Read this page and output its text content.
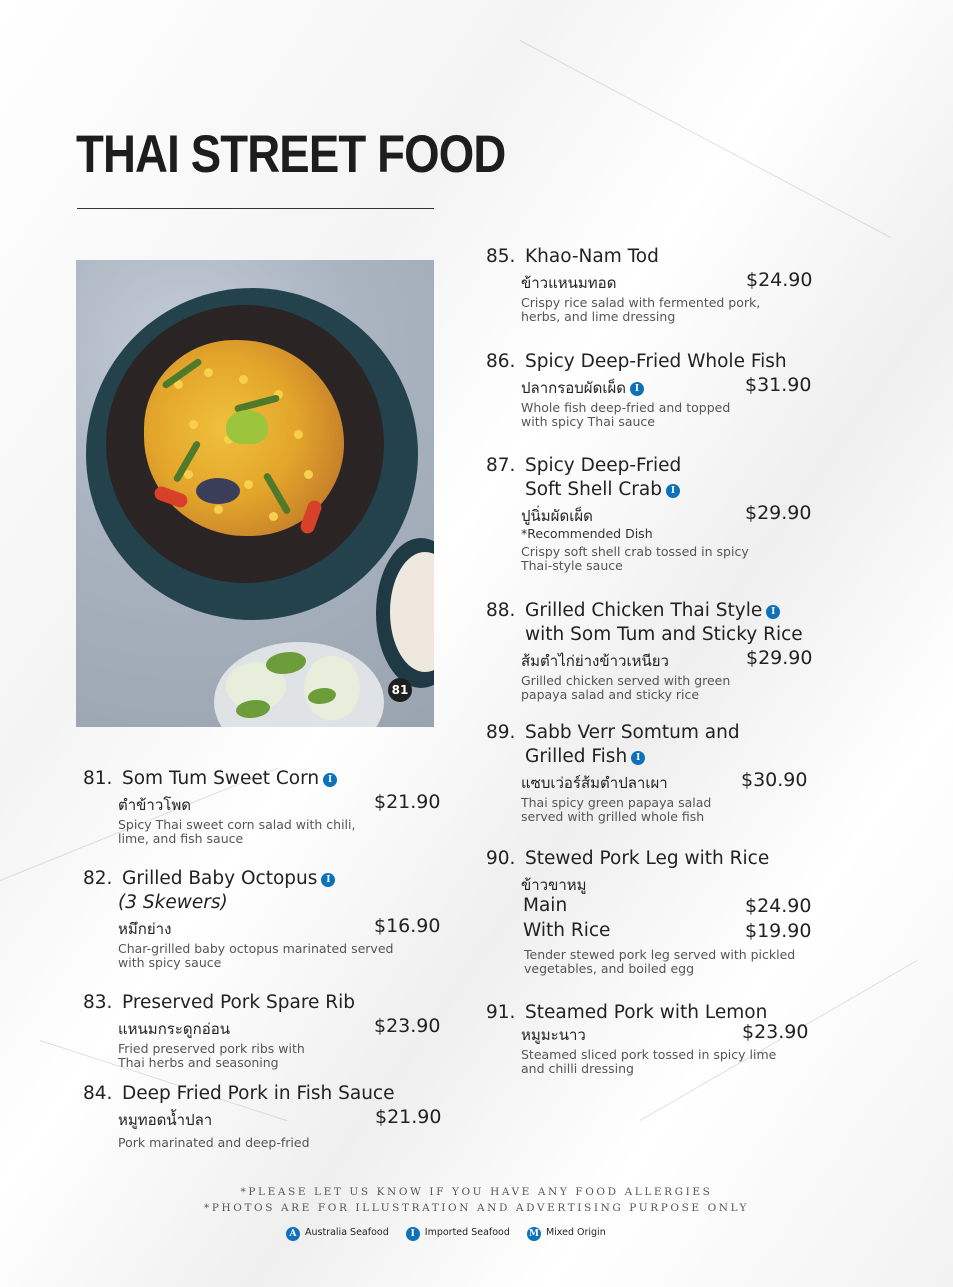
THAI STREET FOOD
81
81. Som Tum Sweet Corn I
ตำข้าวโพด	$21.90
Spicy Thai sweet corn salad with chili,
lime, and fish sauce
82. Grilled Baby Octopus I
(3 Skewers)
หมึกย่าง	$16.90
Char-grilled baby octopus marinated served
with spicy sauce
83. Preserved Pork Spare Rib
แหนมกระดูกอ่อน	$23.90
Fried preserved pork ribs with
Thai herbs and seasoning
84. Deep Fried Pork in Fish Sauce
หมูทอดน้ำปลา	$21.90
Pork marinated and deep-fried
85. Khao-Nam Tod
ข้าวแหนมทอด	$24.90
Crispy rice salad with fermented pork,
herbs, and lime dressing
86. Spicy Deep-Fried Whole Fish
ปลากรอบผัดเผ็ด I	$31.90
Whole fish deep-fried and topped
with spicy Thai sauce
87. Spicy Deep-Fried
Soft Shell Crab I
ปูนิ่มผัดเผ็ด	$29.90
*Recommended Dish
Crispy soft shell crab tossed in spicy
Thai-style sauce
88. Grilled Chicken Thai Style I
with Som Tum and Sticky Rice
ส้มตำไก่ย่างข้าวเหนียว	$29.90
Grilled chicken served with green
papaya salad and sticky rice
89. Sabb Verr Somtum and
Grilled Fish I
แซบเว่อร์ส้มตำปลาเผา	$30.90
Thai spicy green papaya salad
served with grilled whole fish
90. Stewed Pork Leg with Rice
ข้าวขาหมู
Main	$24.90
With Rice	$19.90
Tender stewed pork leg served with pickled
vegetables, and boiled egg
91. Steamed Pork with Lemon
หมูมะนาว	$23.90
Steamed sliced pork tossed in spicy lime
and chilli dressing
*PLEASE LET US KNOW IF YOU HAVE ANY FOOD ALLERGIES
*PHOTOS ARE FOR ILLUSTRATION AND ADVERTISING PURPOSE ONLY
A Australia Seafood I Imported Seafood M Mixed Origin
